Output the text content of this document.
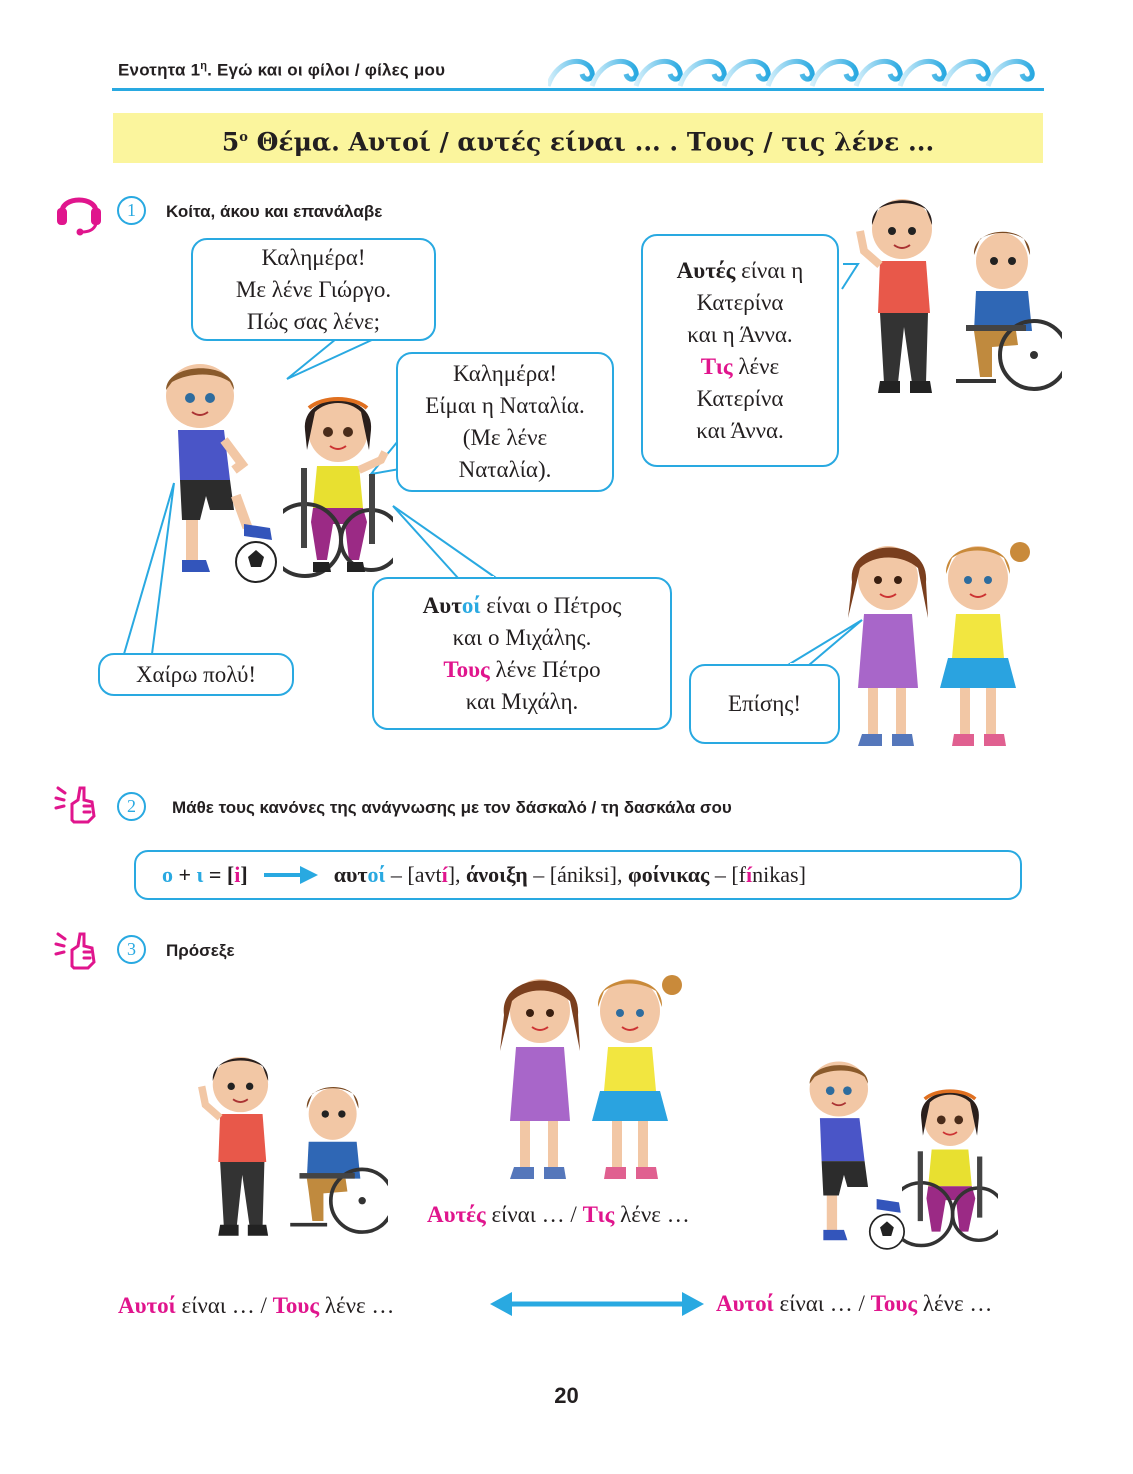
Ενοτητα $1^\eta$. Εγώ και οι φίλοι / φίλες μου
$5^o$ Θέμα. Αυτοί / αυτές είναι ... . Τους / τις λένε ...
1	Κοίτα, άκου και επανάλαβε
Καλημέρα!
Με λένε Γιώργο.
Πώς σας λένε;
Καλημέρα!
Είμαι η Ναταλία.
(Με λένε
Ναταλία).
Αυτοί είναι ο Πέτρος
και ο Μιχάλης.
Τους λένε Πέτρο
και Μιχάλη.
Αυτές είναι η
Κατερίνα
και η Άννα.
Τις λένε
Κατερίνα
και Άννα.
Χαίρω πολύ!
Επίσης!
2	Μάθε τους κανόνες της ανάγνωσης με τον δάσκαλό / τη δασκάλα σου
ο + ι = [ i ]	αυτ οί – [avt í ], άνοιξη – [á n iksi], φοίνικας – [f í nikas]
3	Πρόσεξε
Αυτές είναι … / Τις λένε …
Αυτοί είναι … / Τους λένε …	Αυτοί είναι … / Τους λένε …
20
